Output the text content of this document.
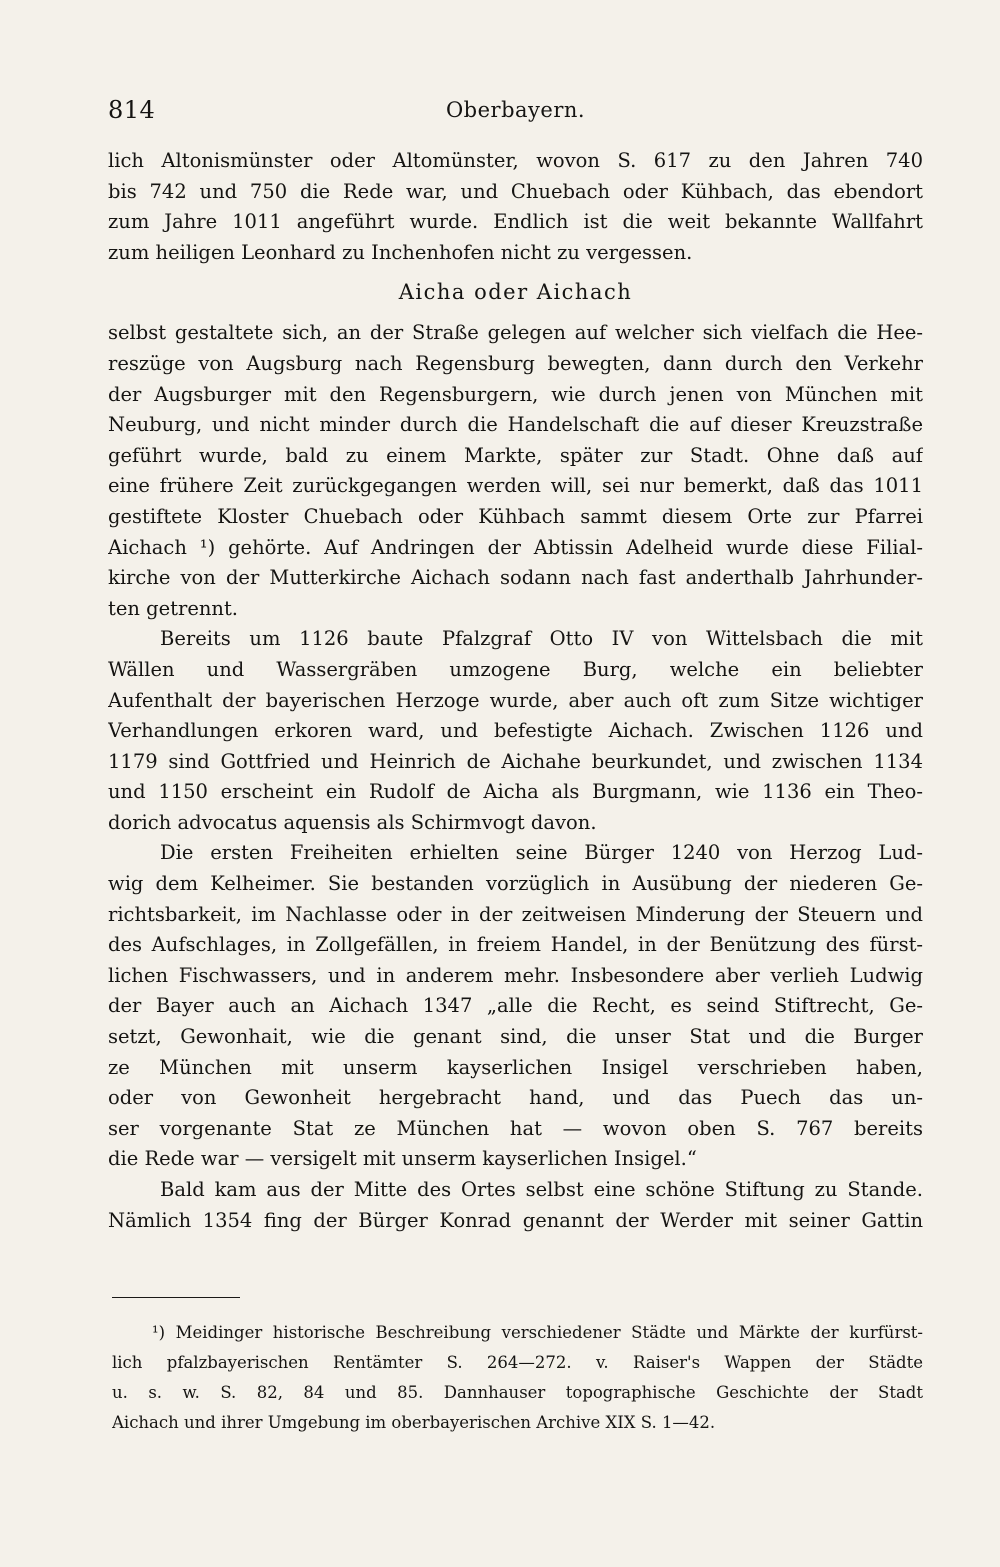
814	Oberbayern.
lich Altonismünster oder Altomünster, wovon S. 617 zu den Jahren 740
bis 742 und 750 die Rede war, und Chuebach oder Kühbach, das ebendort
zum Jahre 1011 angeführt wurde. Endlich ist die weit bekannte Wallfahrt
zum heiligen Leonhard zu Inchenhofen nicht zu vergessen.
Aicha oder Aichach
selbst gestaltete sich, an der Straße gelegen auf welcher sich vielfach die Hee-
reszüge von Augsburg nach Regensburg bewegten, dann durch den Verkehr
der Augsburger mit den Regensburgern, wie durch jenen von München mit
Neuburg, und nicht minder durch die Handelschaft die auf dieser Kreuzstraße
geführt wurde, bald zu einem Markte, später zur Stadt. Ohne daß auf
eine frühere Zeit zurückgegangen werden will, sei nur bemerkt, daß das 1011
gestiftete Kloster Chuebach oder Kühbach sammt diesem Orte zur Pfarrei
Aichach ¹) gehörte. Auf Andringen der Abtissin Adelheid wurde diese Filial-
kirche von der Mutterkirche Aichach sodann nach fast anderthalb Jahrhunder-
ten getrennt.
Bereits um 1126 baute Pfalzgraf Otto IV von Wittelsbach die mit
Wällen und Wassergräben umzogene Burg, welche ein beliebter
Aufenthalt der bayerischen Herzoge wurde, aber auch oft zum Sitze wichtiger
Verhandlungen erkoren ward, und befestigte Aichach. Zwischen 1126 und
1179 sind Gottfried und Heinrich de Aichahe beurkundet, und zwischen 1134
und 1150 erscheint ein Rudolf de Aicha als Burgmann, wie 1136 ein Theo-
dorich advocatus aquensis als Schirmvogt davon.
Die ersten Freiheiten erhielten seine Bürger 1240 von Herzog Lud-
wig dem Kelheimer. Sie bestanden vorzüglich in Ausübung der niederen Ge-
richtsbarkeit, im Nachlasse oder in der zeitweisen Minderung der Steuern und
des Aufschlages, in Zollgefällen, in freiem Handel, in der Benützung des fürst-
lichen Fischwassers, und in anderem mehr. Insbesondere aber verlieh Ludwig
der Bayer auch an Aichach 1347 „alle die Recht, es seind Stiftrecht, Ge-
setzt, Gewonhait, wie die genant sind, die unser Stat und die Burger
ze München mit unserm kayserlichen Insigel verschrieben haben,
oder von Gewonheit hergebracht hand, und das Puech das un-
ser vorgenante Stat ze München hat — wovon oben S. 767 bereits
die Rede war — versigelt mit unserm kayserlichen Insigel.“
Bald kam aus der Mitte des Ortes selbst eine schöne Stiftung zu Stande.
Nämlich 1354 fing der Bürger Konrad genannt der Werder mit seiner Gattin
¹) Meidinger historische Beschreibung verschiedener Städte und Märkte der kurfürst-
lich pfalzbayerischen Rentämter S. 264—272. v. Raiser's Wappen der Städte
u. s. w. S. 82, 84 und 85. Dannhauser topographische Geschichte der Stadt
Aichach und ihrer Umgebung im oberbayerischen Archive XIX S. 1—42.
